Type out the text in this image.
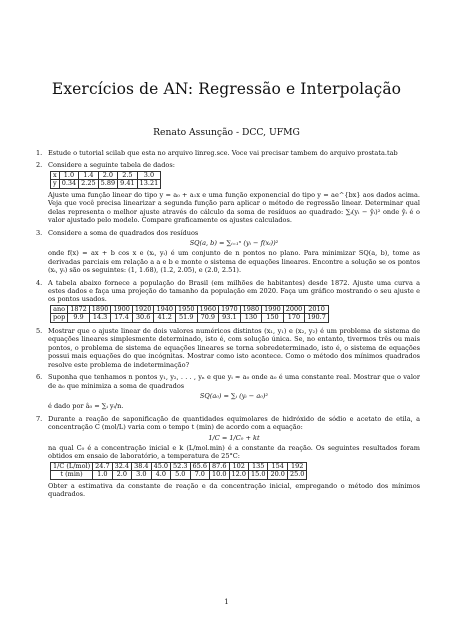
Exercícios de AN: Regressão e Interpolação
Renato Assunção - DCC, UFMG
1. Estude o tutorial scilab que esta no arquivo linreg.sce. Voce vai precisar tambem do arquivo prostata.tab

2. Considere a seguinte tabela de dados:

x	1.0	1.4	2.0	2.5	3.0
y	0.34	2.25	5.89	9.41	13.21

Ajuste uma função linear do tipo y = a₀ + a₁x e uma função exponencial do tipo y = ae^{bx} aos dados acima. Veja que você precisa linearizar a segunda função para aplicar o método de regressão linear. Determinar qual delas representa o melhor ajuste através do cálculo da soma de resíduos ao quadrado: ∑ᵢ(yᵢ − ŷᵢ)² onde ŷᵢ é o valor ajustado pelo modelo. Compare graficamente os ajustes calculados.

3. Considere a soma de quadrados dos resíduos

SQ(a, b) = ∑ᵢ₌₁ⁿ (yᵢ − f(xᵢ))²

onde f(x) = ax + b cos x e (xᵢ, yᵢ) é um conjunto de n pontos no plano. Para minimizar SQ(a, b), tome as derivadas parciais em relação a a e b e monte o sistema de equações lineares. Encontre a solução se os pontos (xᵢ, yᵢ) são os seguintes: (1, 1.68), (1.2, 2.05), e (2.0, 2.51).

4. A tabela abaixo fornece a população do Brasil (em milhões de habitantes) desde 1872. Ajuste uma curva a estes dados e faça uma projeção do tamanho da população em 2020. Faça um gráfico mostrando o seu ajuste e os pontos usados.

ano	1872	1890	1900	1920	1940	1950	1960	1970	1980	1990	2000	2010
pop	9.9	14.3	17.4	30.6	41.2	51.9	70.9	93.1	130	150	170	190.7
5. Mostrar que o ajuste linear de dois valores numéricos distintos (x₁, y₁) e (x₂, y₂) é um problema de sistema de equações lineares simplesmente determinado, isto é, com solução única. Se, no entanto, tivermos três ou mais pontos, o problema de sistema de equações lineares se torna sobredeterminado, isto é, o sistema de equações possui mais equações do que incógnitas. Mostrar como isto acontece. Como o método dos mínimos quadrados resolve este problema de indeterminação?

6. Suponha que tenhamos n pontos y₁, y₂, . . . , yₙ e que yᵢ ≈ a₀ onde a₀ é uma constante real. Mostrar que o valor de a₀ que minimiza a soma de quadrados

SQ(a₀) = ∑ᵢ (yᵢ − a₀)²

é dado por â₀ = ∑ᵢ yᵢ/n.

7. Durante a reação de saponificação de quantidades equimolares de hidróxido de sódio e acetato de etila, a concentração C (mol/L) varia com o tempo t (min) de acordo com a equação:

1/C = 1/C₀ + kt

na qual C₀ é a concentração inicial e k (L/mol.min) é a constante da reação. Os seguintes resultados foram obtidos em ensaio de laboratório, a temperatura de 25°C:

1/C (L/mol)	24.7	32.4	38.4	45.0	52.3	65.6	87.6	102	135	154	192
t (min)	1.0	2.0	3.0	4.0	5.0	7.0	10.0	12.0	15.0	20.0	25.0

Obter a estimativa da constante de reação e da concentração inicial, empregando o método dos mínimos quadrados.

1
